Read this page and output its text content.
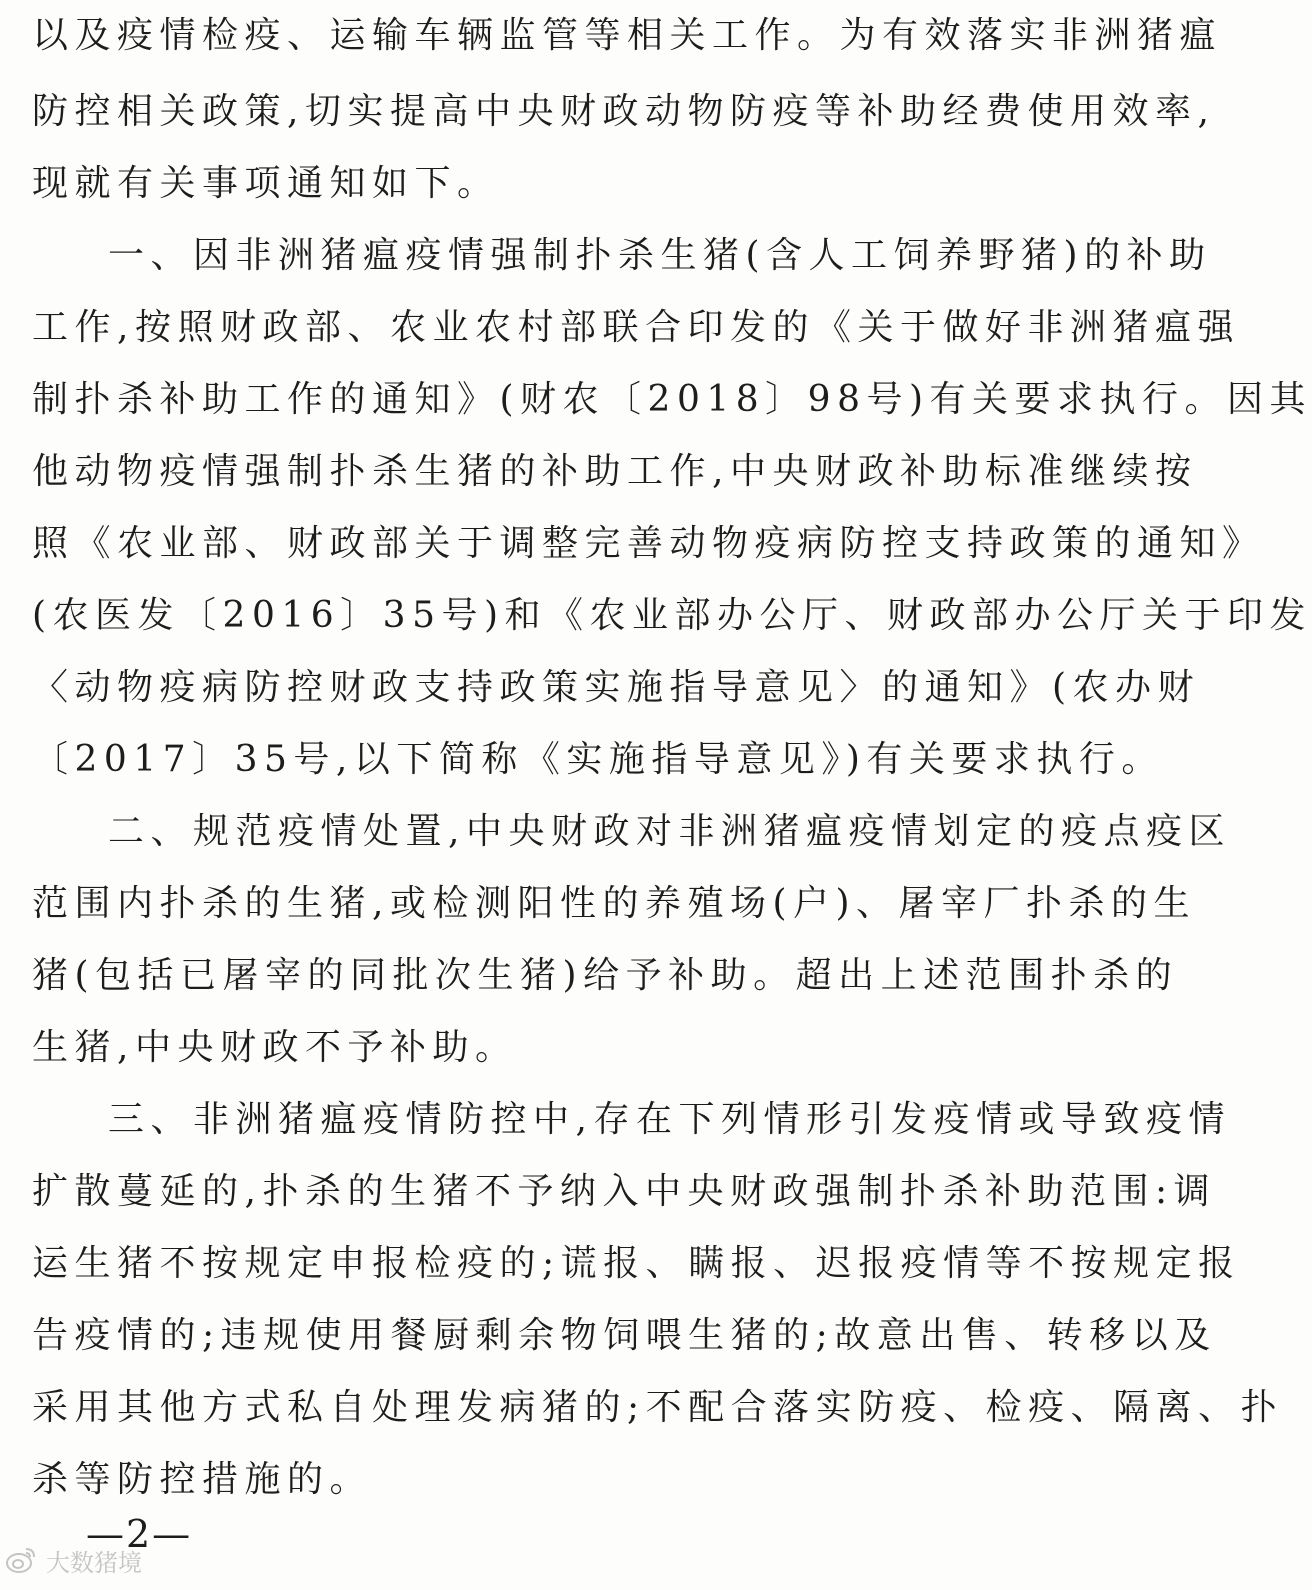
以及疫情检疫、运输车辆监管等相关工作。为有效落实非洲猪瘟
防控相关政策,切实提高中央财政动物防疫等补助经费使用效率,
现就有关事项通知如下。
一、因非洲猪瘟疫情强制扑杀生猪(含人工饲养野猪)的补助
工作,按照财政部、农业农村部联合印发的《关于做好非洲猪瘟强
制扑杀补助工作的通知》(财农〔2018〕98号)有关要求执行。因其
他动物疫情强制扑杀生猪的补助工作,中央财政补助标准继续按
照《农业部、财政部关于调整完善动物疫病防控支持政策的通知》
(农医发〔2016〕35号)和《农业部办公厅、财政部办公厅关于印发
〈动物疫病防控财政支持政策实施指导意见〉的通知》(农办财
〔2017〕35号,以下简称《实施指导意见》)有关要求执行。
二、规范疫情处置,中央财政对非洲猪瘟疫情划定的疫点疫区
范围内扑杀的生猪,或检测阳性的养殖场(户)、屠宰厂扑杀的生
猪(包括已屠宰的同批次生猪)给予补助。超出上述范围扑杀的
生猪,中央财政不予补助。
三、非洲猪瘟疫情防控中,存在下列情形引发疫情或导致疫情
扩散蔓延的,扑杀的生猪不予纳入中央财政强制扑杀补助范围:调
运生猪不按规定申报检疫的;谎报、瞒报、迟报疫情等不按规定报
告疫情的;违规使用餐厨剩余物饲喂生猪的;故意出售、转移以及
采用其他方式私自处理发病猪的;不配合落实防疫、检疫、隔离、扑
杀等防控措施的。
—2—
大数猪境
